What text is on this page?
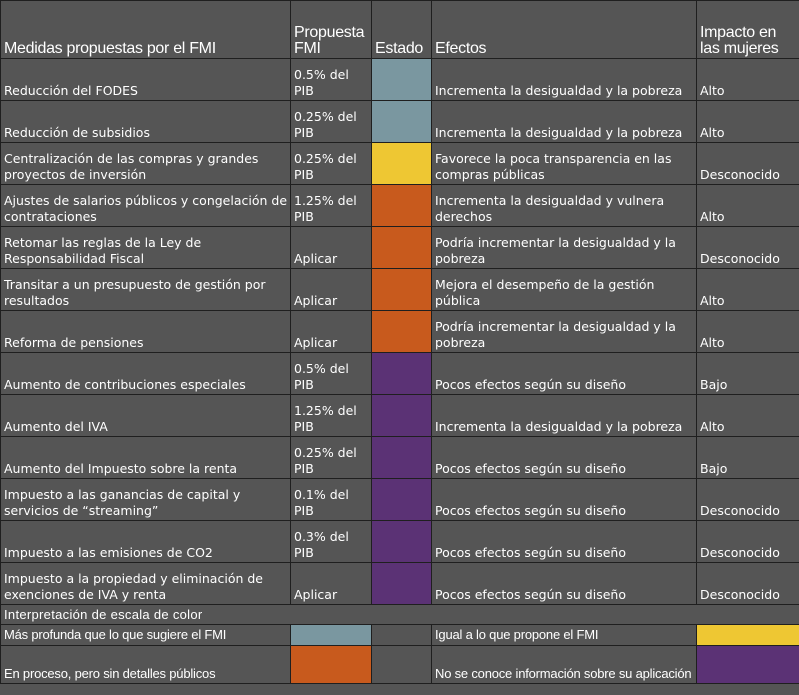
Medidas propuestas por el FMI	Propuesta FMI	Estado	Efectos	Impacto en las mujeres
Reducción del FODES	0.5% del PIB		Incrementa la desigualdad y la pobreza	Alto
Reducción de subsidios	0.25% del PIB		Incrementa la desigualdad y la pobreza	Alto
Centralización de las compras y grandes proyectos de inversión	0.25% del PIB		Favorece la poca transparencia en las compras públicas	Desconocido
Ajustes de salarios públicos y congelación de contrataciones	1.25% del PIB		Incrementa la desigualdad y vulnera derechos	Alto
Retomar las reglas de la Ley de Responsabilidad Fiscal	Aplicar		Podría incrementar la desigualdad y la pobreza	Desconocido
Transitar a un presupuesto de gestión por resultados	Aplicar		Mejora el desempeño de la gestión pública	Alto
Reforma de pensiones	Aplicar		Podría incrementar la desigualdad y la pobreza	Alto
Aumento de contribuciones especiales	0.5% del PIB		Pocos efectos según su diseño	Bajo
Aumento del IVA	1.25% del PIB		Incrementa la desigualdad y la pobreza	Alto
Aumento del Impuesto sobre la renta	0.25% del PIB		Pocos efectos según su diseño	Bajo
Impuesto a las ganancias de capital y servicios de “streaming”	0.1% del PIB		Pocos efectos según su diseño	Desconocido
Impuesto a las emisiones de CO2	0.3% del PIB		Pocos efectos según su diseño	Desconocido
Impuesto a la propiedad y eliminación de exenciones de IVA y renta	Aplicar		Pocos efectos según su diseño	Desconocido
Interpretación de escala de color				
Más profunda que lo que sugiere el FMI			Igual a lo que propone el FMI	
En proceso, pero sin detalles públicos			No se conoce información sobre su aplicación	
